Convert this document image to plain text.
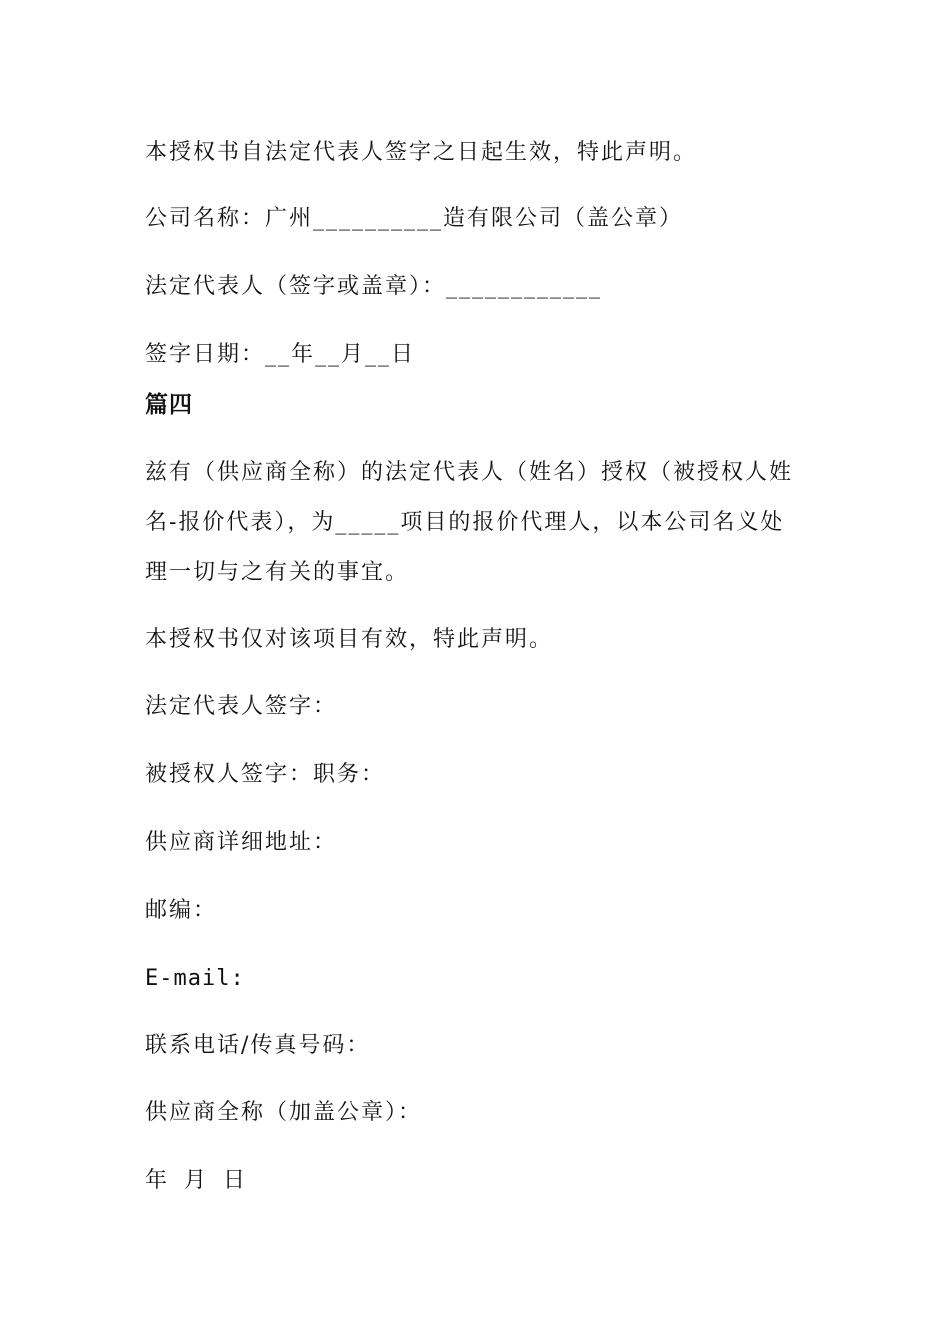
本授权书自法定代表人签字之日起生效，特此声明。
公司名称：广州__________造有限公司（盖公章）
法定代表人（签字或盖章）：____________
签字日期：__年__月__日
篇四
兹有（供应商全称）的法定代表人（姓名）授权（被授权人姓
名-报价代表），为_____项目的报价代理人，以本公司名义处
理一切与之有关的事宜。
本授权书仅对该项目有效，特此声明。
法定代表人签字：
被授权人签字：职务：
供应商详细地址：
邮编：
E-mail:
联系电话/传真号码：
供应商全称（加盖公章）：
年 月 日
